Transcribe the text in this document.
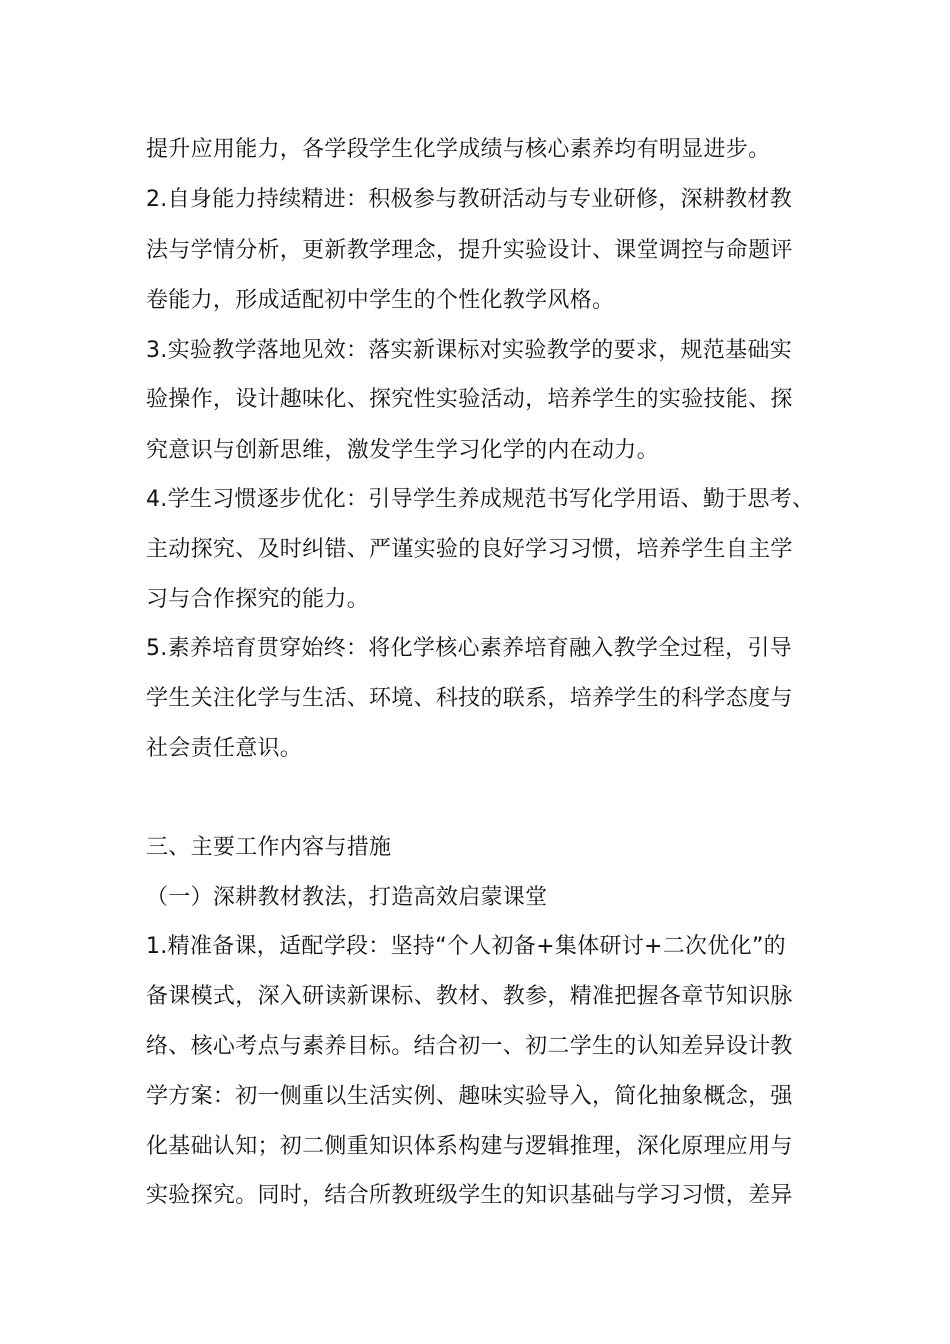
提升应用能力，各学段学生化学成绩与核心素养均有明显进步。
2.自身能力持续精进：积极参与教研活动与专业研修，深耕教材教
法与学情分析，更新教学理念，提升实验设计、课堂调控与命题评
卷能力，形成适配初中学生的个性化教学风格。
3.实验教学落地见效：落实新课标对实验教学的要求，规范基础实
验操作，设计趣味化、探究性实验活动，培养学生的实验技能、探
究意识与创新思维，激发学生学习化学的内在动力。
4.学生习惯逐步优化：引导学生养成规范书写化学用语、勤于思考、
主动探究、及时纠错、严谨实验的良好学习习惯，培养学生自主学
习与合作探究的能力。
5.素养培育贯穿始终：将化学核心素养培育融入教学全过程，引导
学生关注化学与生活、环境、科技的联系，培养学生的科学态度与
社会责任意识。
三、主要工作内容与措施
（一）深耕教材教法，打造高效启蒙课堂
1.精准备课，适配学段：坚持“个人初备+集体研讨+二次优化”的
备课模式，深入研读新课标、教材、教参，精准把握各章节知识脉
络、核心考点与素养目标。结合初一、初二学生的认知差异设计教
学方案：初一侧重以生活实例、趣味实验导入，简化抽象概念，强
化基础认知；初二侧重知识体系构建与逻辑推理，深化原理应用与
实验探究。同时，结合所教班级学生的知识基础与学习习惯，差异
